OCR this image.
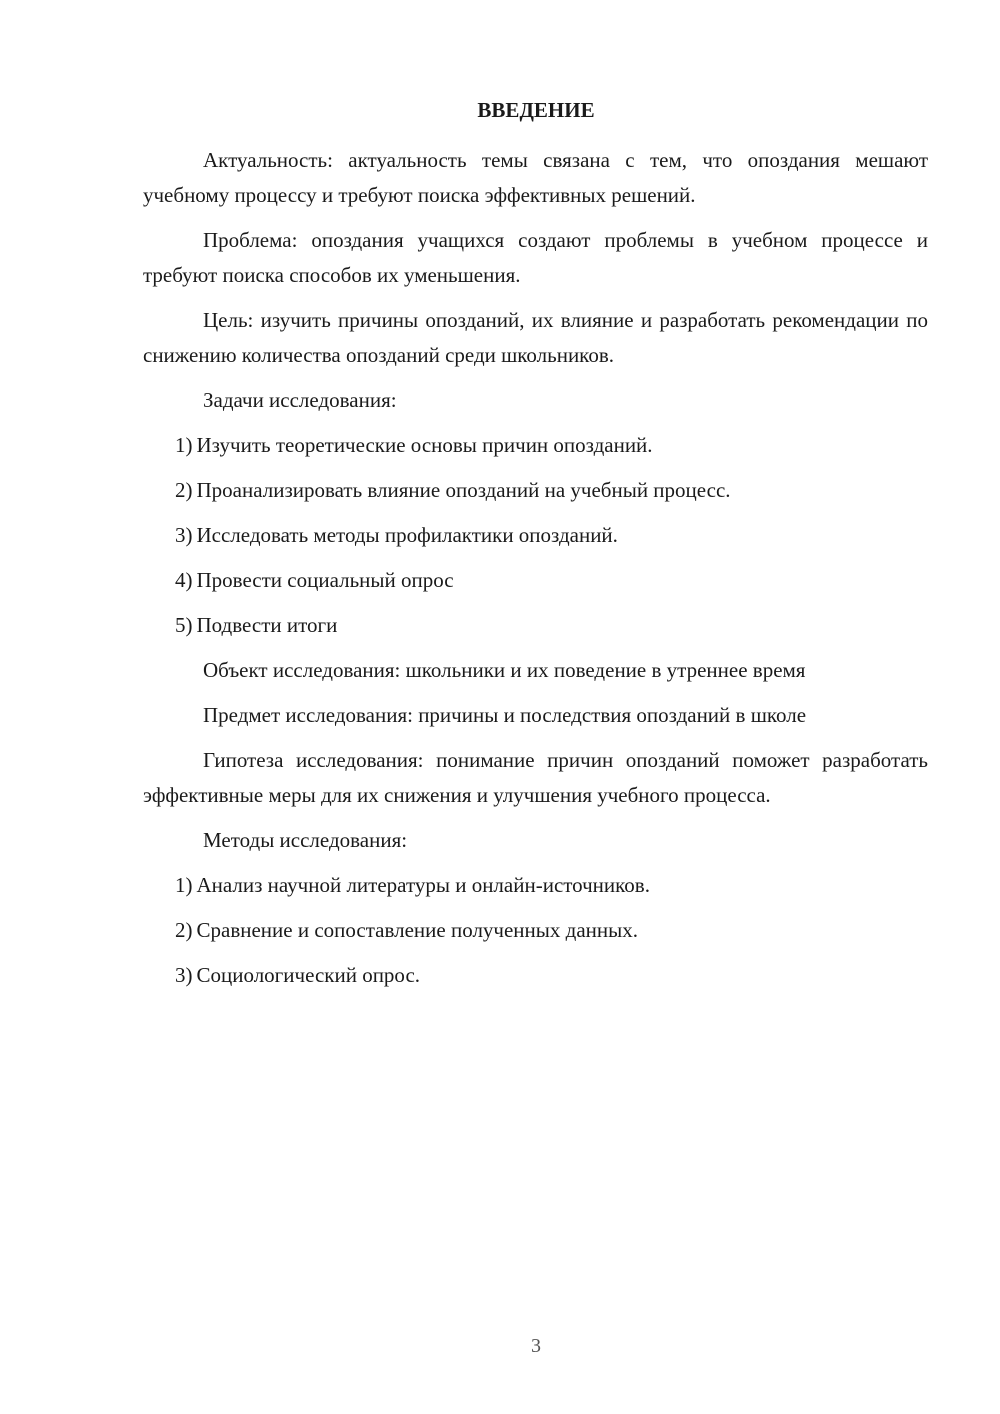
ВВЕДЕНИЕ

Актуальность: актуальность темы связана с тем, что опоздания мешают учебному процессу и требуют поиска эффективных решений.

Проблема: опоздания учащихся создают проблемы в учебном процессе и требуют поиска способов их уменьшения.

Цель: изучить причины опозданий, их влияние и разработать рекомендации по снижению количества опозданий среди школьников.

Задачи исследования:

1) Изучить теоретические основы причин опозданий.
2) Проанализировать влияние опозданий на учебный процесс.
3) Исследовать методы профилактики опозданий.
4) Провести социальный опрос
5) Подвести итоги

Объект исследования: школьники и их поведение в утреннее время

Предмет исследования: причины и последствия опозданий в школе

Гипотеза исследования: понимание причин опозданий поможет разработать эффективные меры для их снижения и улучшения учебного процесса.

Методы исследования:

1) Анализ научной литературы и онлайн-источников.
2) Сравнение и сопоставление полученных данных.
3) Социологический опрос.
3
